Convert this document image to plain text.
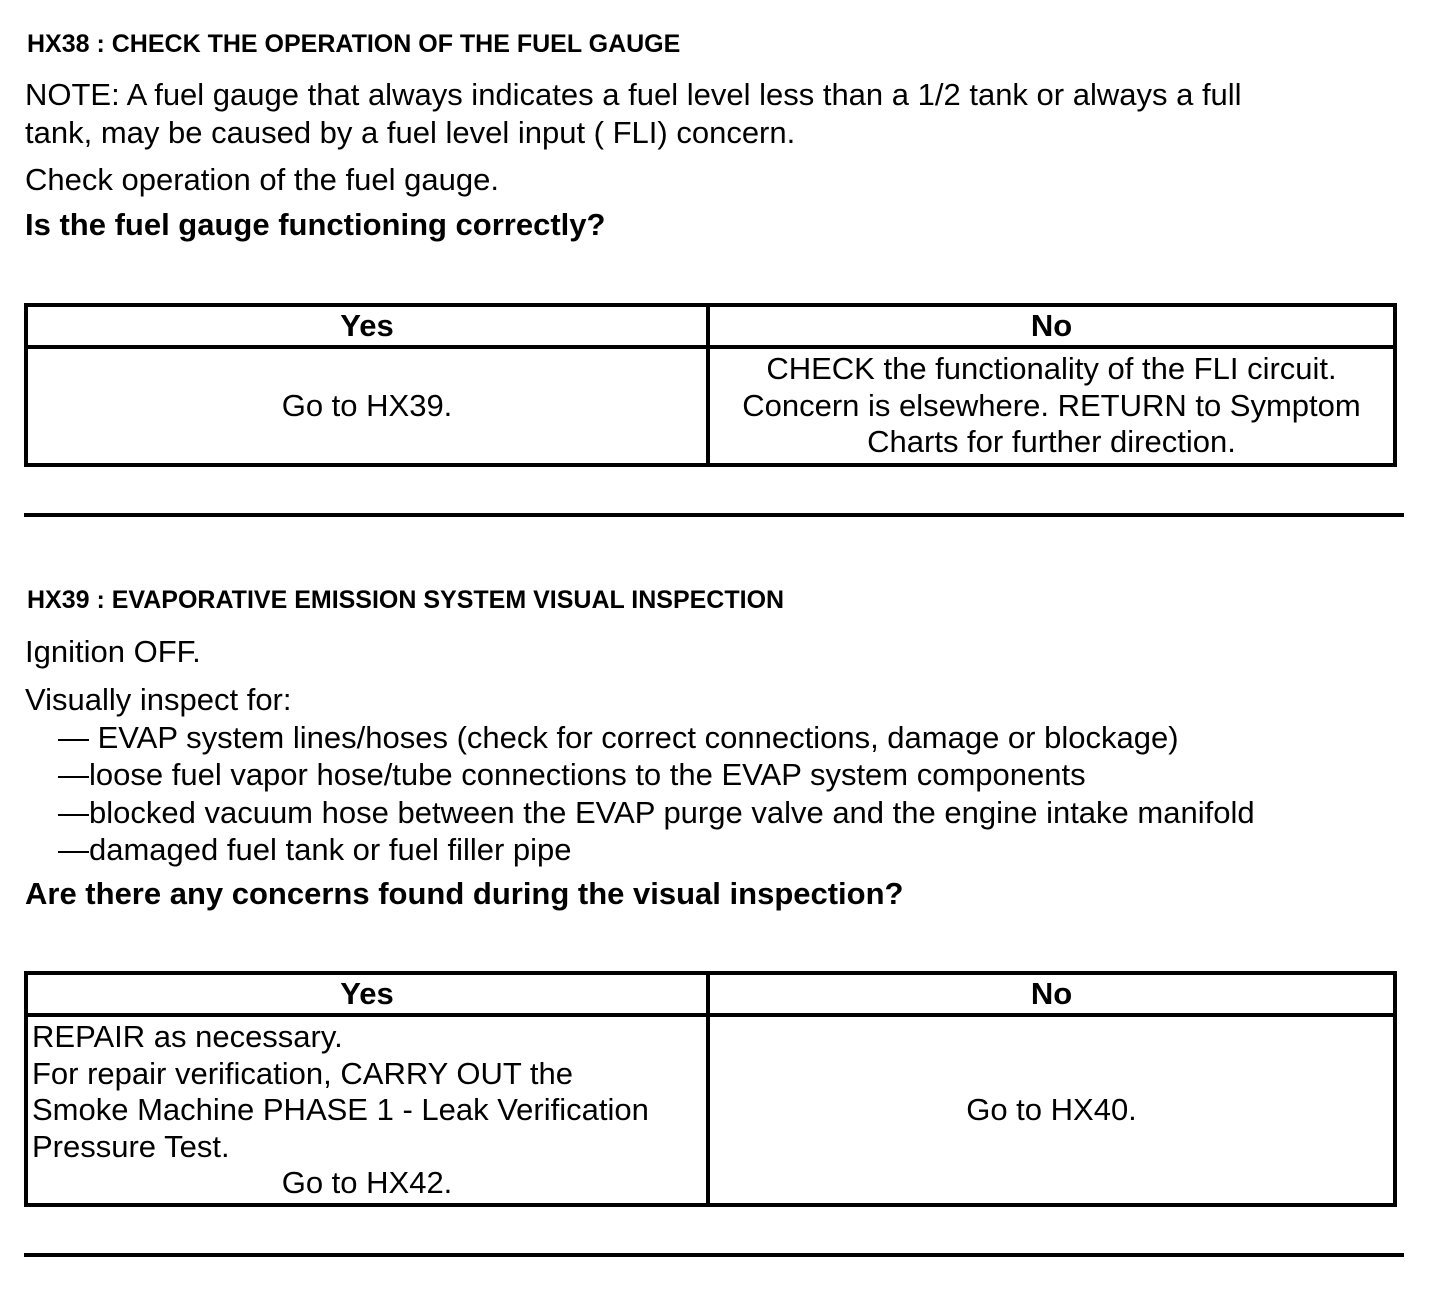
HX38 : CHECK THE OPERATION OF THE FUEL GAUGE
NOTE: A fuel gauge that always indicates a fuel level less than a 1/2 tank or always a full
tank, may be caused by a fuel level input ( FLI) concern.
Check operation of the fuel gauge.
Is the fuel gauge functioning correctly?
Yes	No
Go to HX39.	CHECK the functionality of the FLI circuit.
Concern is elsewhere. RETURN to Symptom
Charts for further direction.
HX39 : EVAPORATIVE EMISSION SYSTEM VISUAL INSPECTION
Ignition OFF.
Visually inspect for:
— EVAP system lines/hoses (check for correct connections, damage or blockage)
—loose fuel vapor hose/tube connections to the EVAP system components
—blocked vacuum hose between the EVAP purge valve and the engine intake manifold
—damaged fuel tank or fuel filler pipe
Are there any concerns found during the visual inspection?
Yes	No

REPAIR as necessary.
For repair verification, CARRY OUT the
Smoke Machine PHASE 1 - Leak Verification
Pressure Test.
Go to HX42.	Go to HX40.
